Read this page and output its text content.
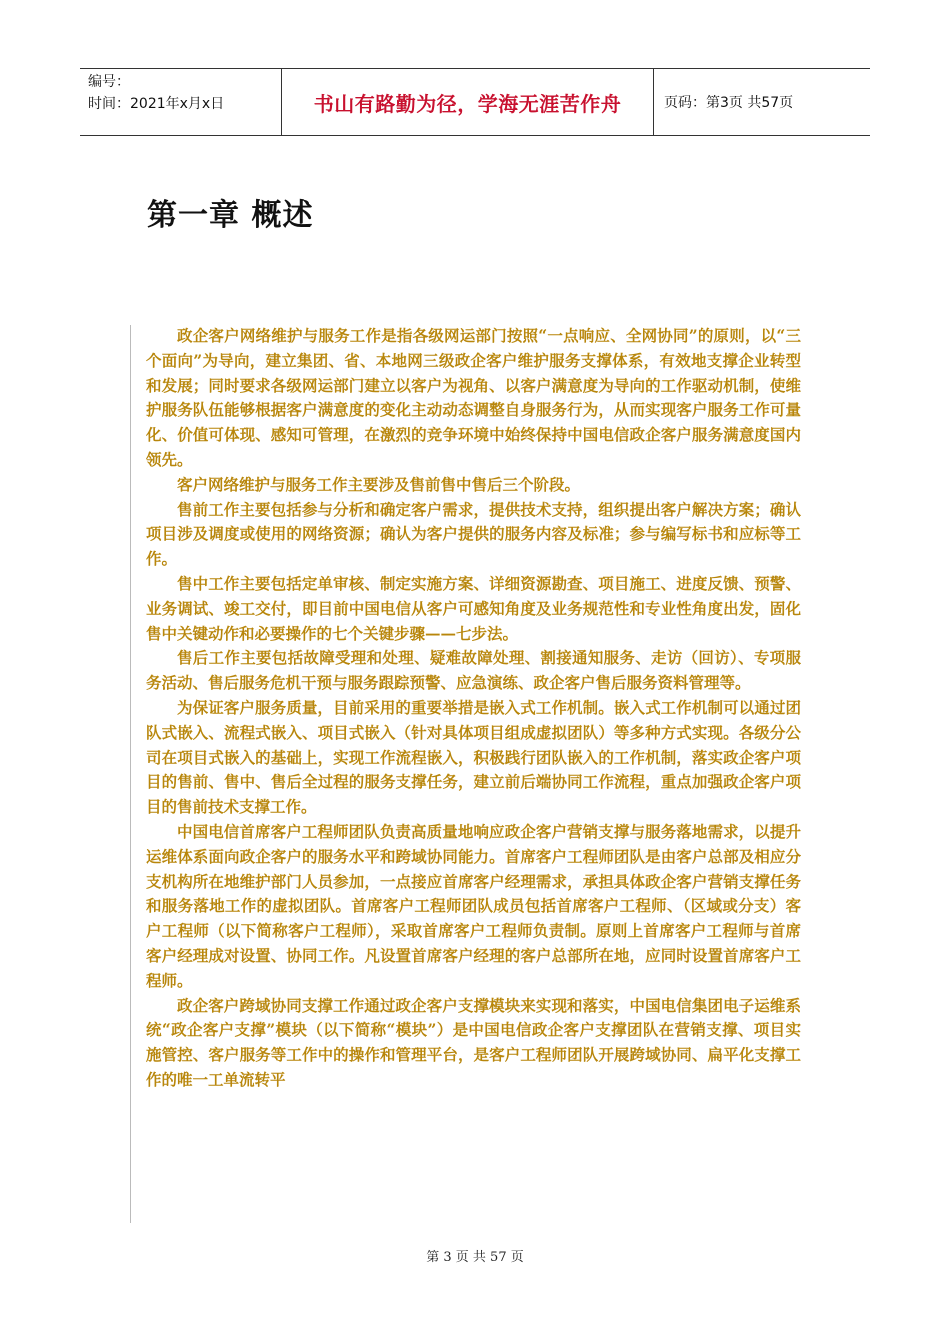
编号：
时间：2021年x月x日	书山有路勤为径，学海无涯苦作舟	页码：第3页 共57页
第一章 概述

政企客户网络维护与服务工作是指各级网运部门按照“一点响应、全网协同”的原则，以“三个面向”为导向，建立集团、省、本地网三级政企客户维护服务支撑体系，有效地支撑企业转型和发展；同时要求各级网运部门建立以客户为视角、以客户满意度为导向的工作驱动机制，使维护服务队伍能够根据客户满意度的变化主动动态调整自身服务行为，从而实现客户服务工作可量化、价值可体现、感知可管理，在激烈的竞争环境中始终保持中国电信政企客户服务满意度国内领先。

客户网络维护与服务工作主要涉及售前售中售后三个阶段。

售前工作主要包括参与分析和确定客户需求，提供技术支持，组织提出客户解决方案；确认项目涉及调度或使用的网络资源；确认为客户提供的服务内容及标准；参与编写标书和应标等工作。

售中工作主要包括定单审核、制定实施方案、详细资源勘查、项目施工、进度反馈、预警、业务调试、竣工交付，即目前中国电信从客户可感知角度及业务规范性和专业性角度出发，固化售中关键动作和必要操作的七个关键步骤——七步法。

售后工作主要包括故障受理和处理、疑难故障处理、割接通知服务、走访（回访）、专项服务活动、售后服务危机干预与服务跟踪预警、应急演练、政企客户售后服务资料管理等。

为保证客户服务质量，目前采用的重要举措是嵌入式工作机制。嵌入式工作机制可以通过团队式嵌入、流程式嵌入、项目式嵌入（针对具体项目组成虚拟团队）等多种方式实现。各级分公司在项目式嵌入的基础上，实现工作流程嵌入，积极践行团队嵌入的工作机制，落实政企客户项目的售前、售中、售后全过程的服务支撑任务，建立前后端协同工作流程，重点加强政企客户项目的售前技术支撑工作。

中国电信首席客户工程师团队负责高质量地响应政企客户营销支撑与服务落地需求，以提升运维体系面向政企客户的服务水平和跨域协同能力。首席客户工程师团队是由客户总部及相应分支机构所在地维护部门人员参加，一点接应首席客户经理需求，承担具体政企客户营销支撑任务和服务落地工作的虚拟团队。首席客户工程师团队成员包括首席客户工程师、（区域或分支）客户工程师（以下简称客户工程师），采取首席客户工程师负责制。原则上首席客户工程师与首席客户经理成对设置、协同工作。凡设置首席客户经理的客户总部所在地，应同时设置首席客户工程师。

政企客户跨域协同支撑工作通过政企客户支撑模块来实现和落实，中国电信集团电子运维系统“政企客户支撑”模块（以下简称“模块”）是中国电信政企客户支撑团队在营销支撑、项目实施管控、客户服务等工作中的操作和管理平台，是客户工程师团队开展跨域协同、扁平化支撑工作的唯一工单流转平

第 3 页 共 57 页
